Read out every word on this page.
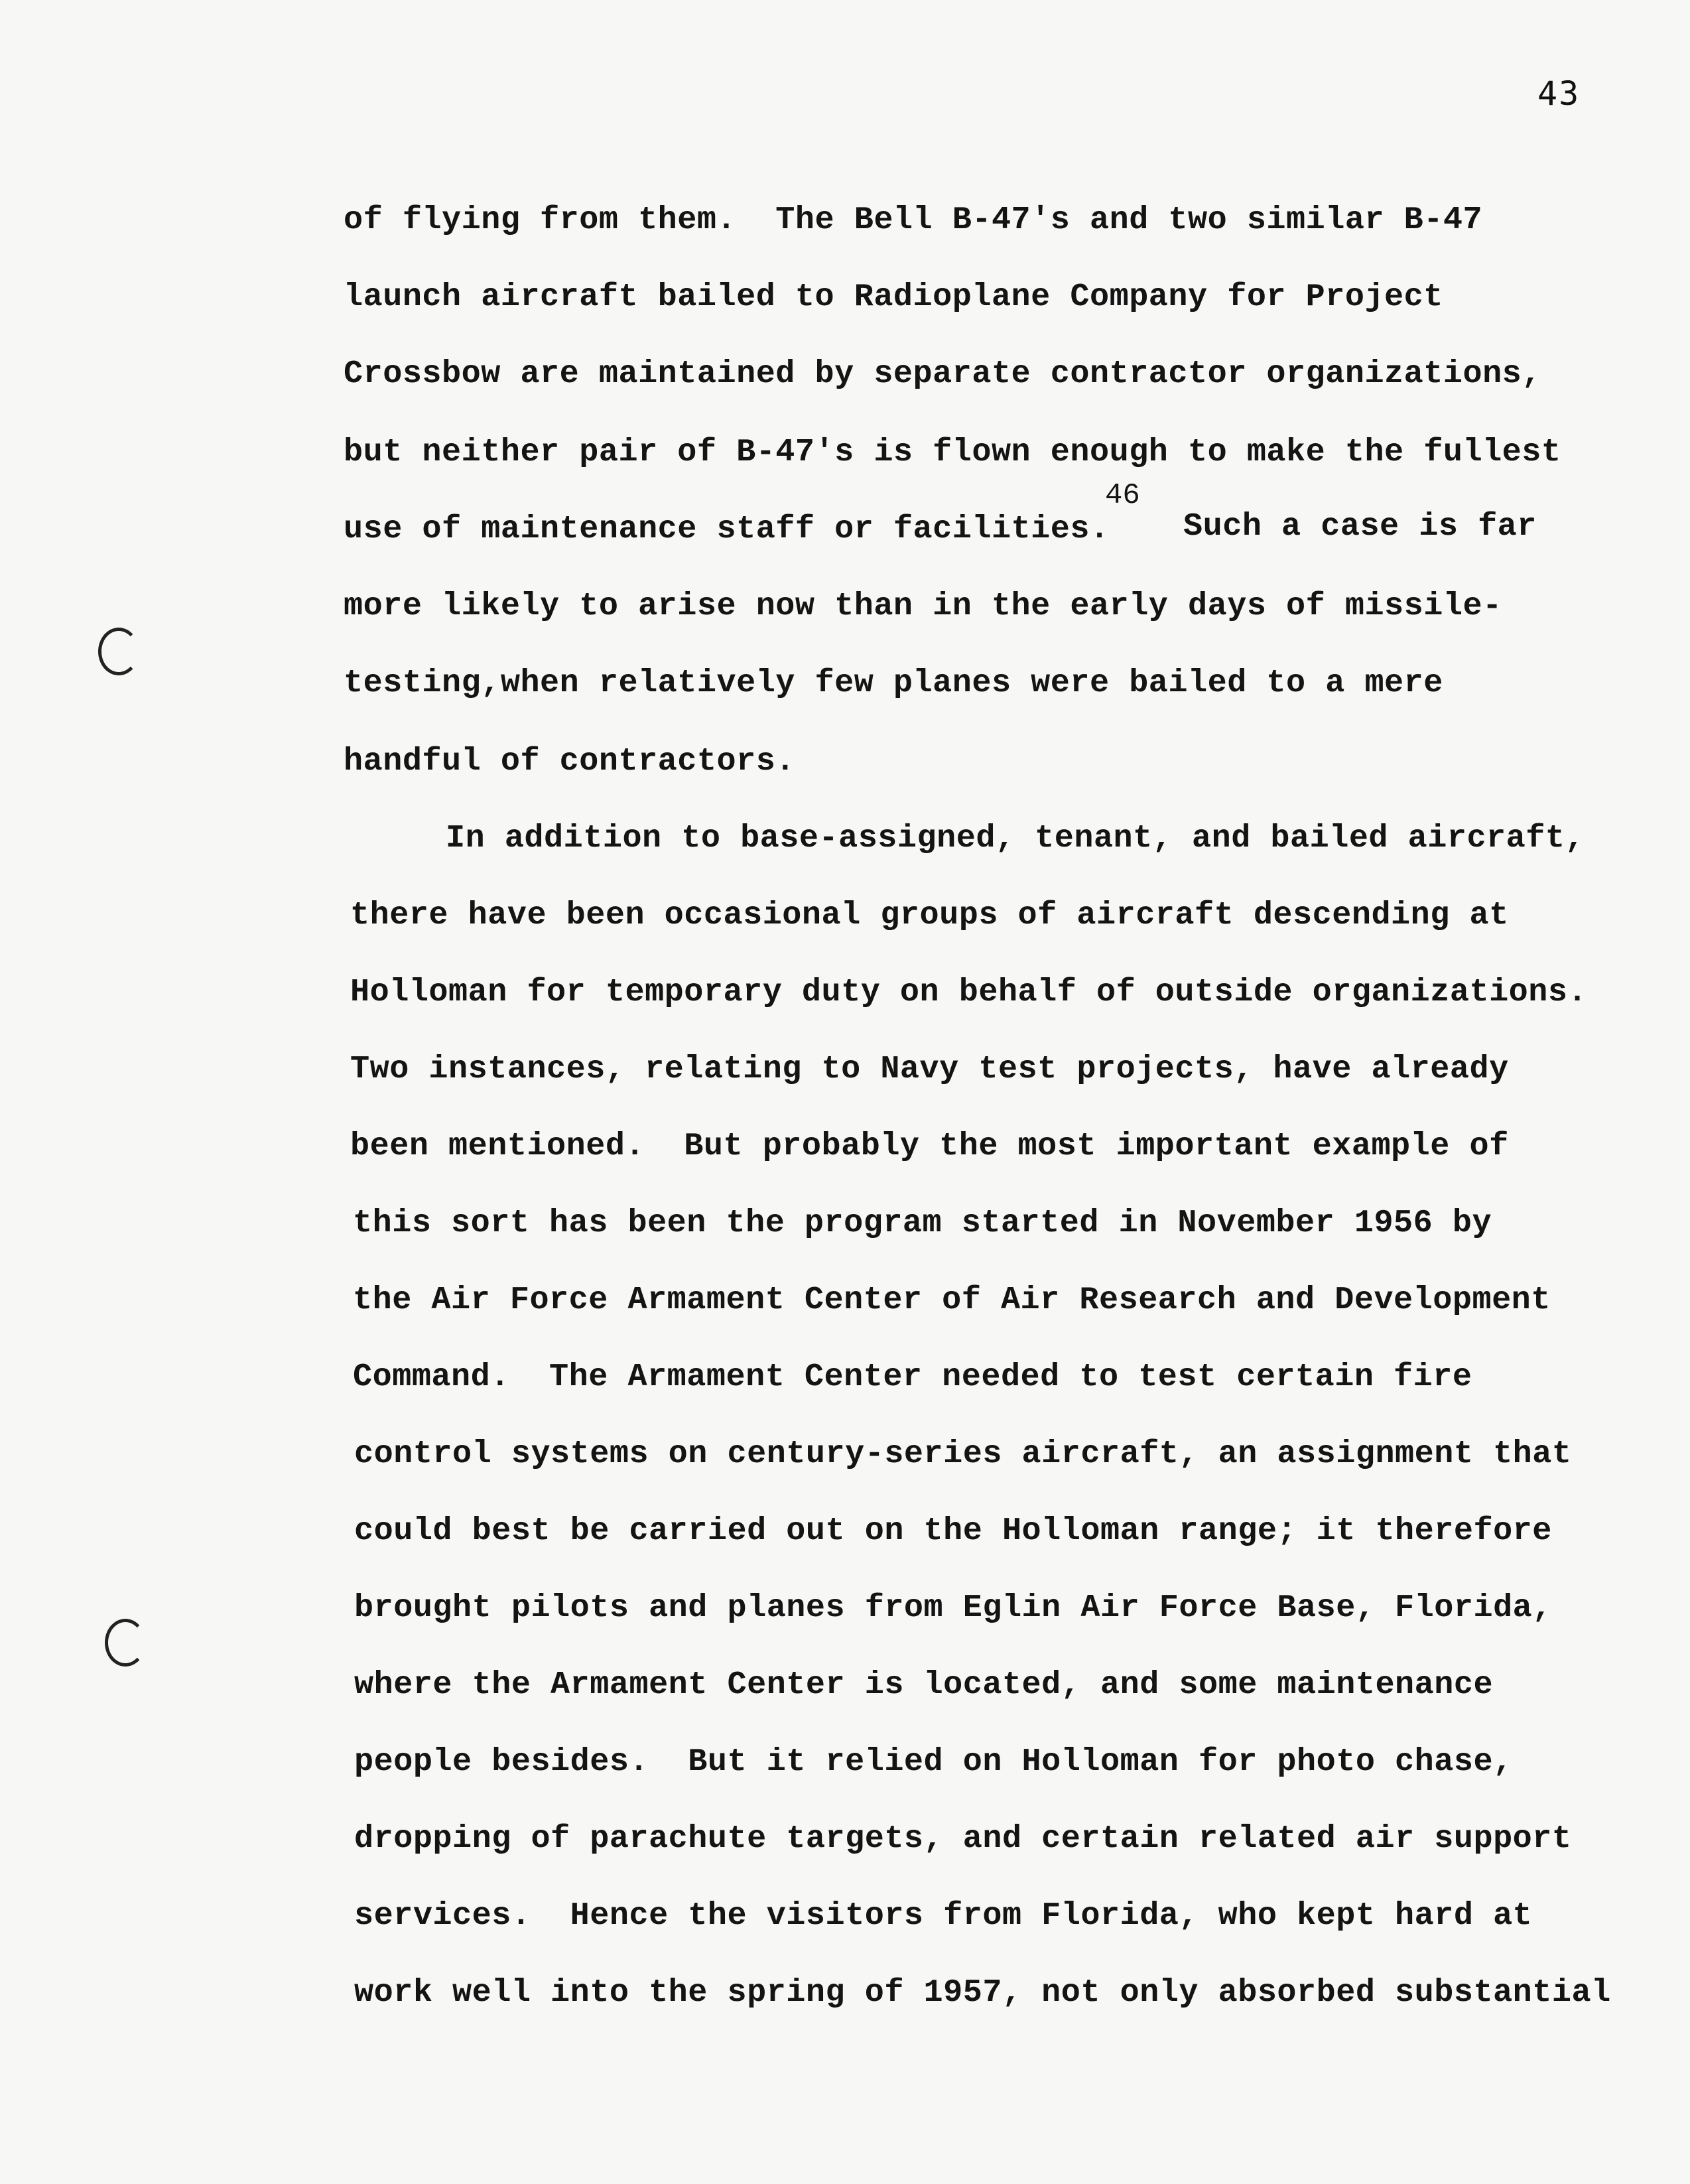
43
of flying from them.  The Bell B-47's and two similar B-47
launch aircraft bailed to Radioplane Company for Project
Crossbow are maintained by separate contractor organizations,
but neither pair of B-47's is flown enough to make the fullest
use of maintenance staff or facilities.
46
Such a case is far
more likely to arise now than in the early days of missile-
testing,when relatively few planes were bailed to a mere
handful of contractors.
In addition to base-assigned, tenant, and bailed aircraft,
there have been occasional groups of aircraft descending at
Holloman for temporary duty on behalf of outside organizations.
Two instances, relating to Navy test projects, have already
been mentioned.  But probably the most important example of
this sort has been the program started in November 1956 by
the Air Force Armament Center of Air Research and Development
Command.  The Armament Center needed to test certain fire
control systems on century-series aircraft, an assignment that
could best be carried out on the Holloman range; it therefore
brought pilots and planes from Eglin Air Force Base, Florida,
where the Armament Center is located, and some maintenance
people besides.  But it relied on Holloman for photo chase,
dropping of parachute targets, and certain related air support
services.  Hence the visitors from Florida, who kept hard at
work well into the spring of 1957, not only absorbed substantial
